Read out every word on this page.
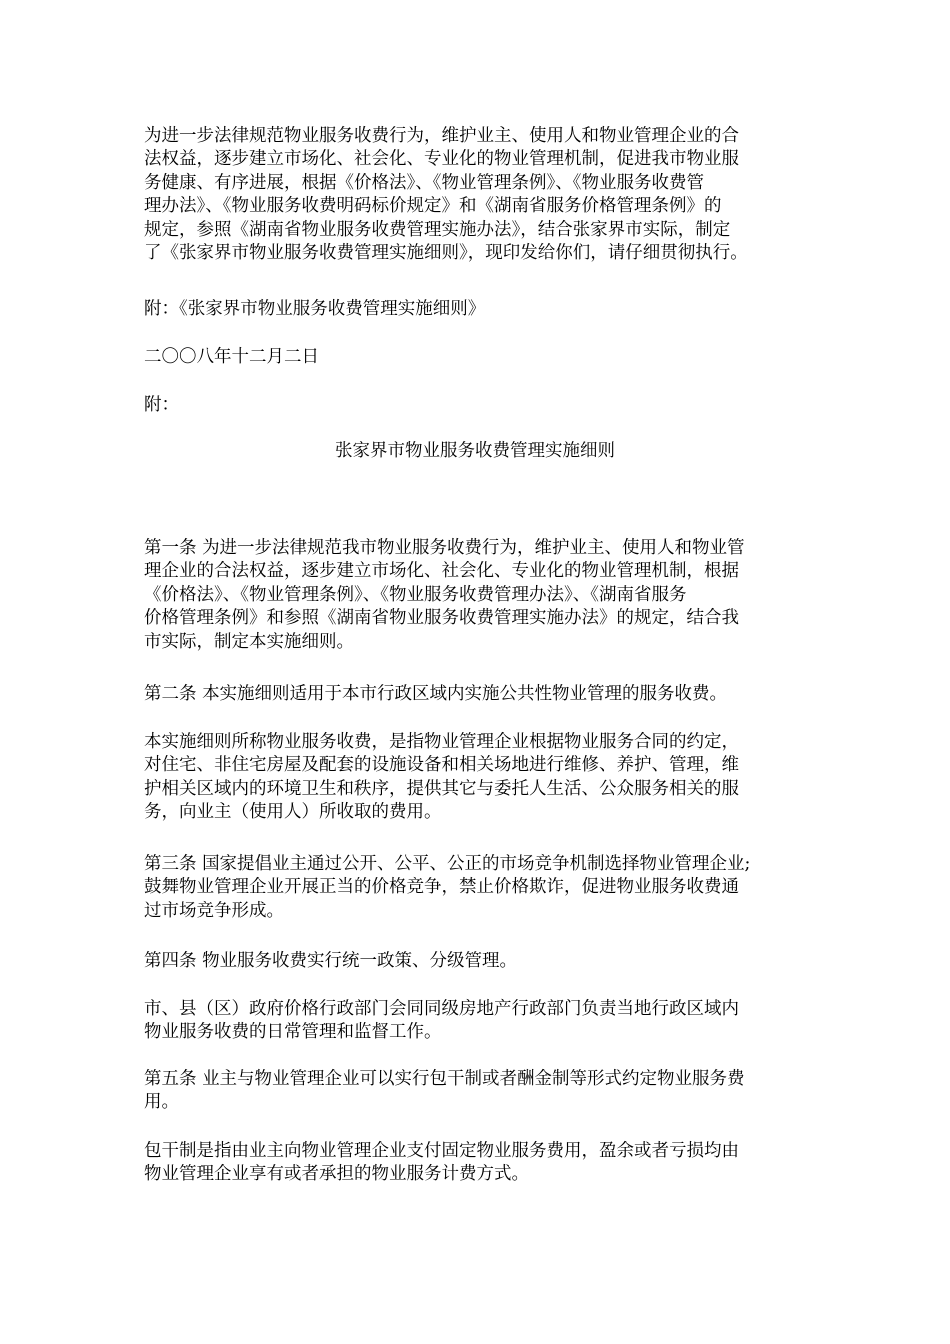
为进一步法律规范物业服务收费行为，维护业主、使用人和物业管理企业的合
法权益，逐步建立市场化、社会化、专业化的物业管理机制，促进我市物业服
务健康、有序进展，根据《价格法》、《物业管理条例》、《物业服务收费管
理办法》、《物业服务收费明码标价规定》和《湖南省服务价格管理条例》的
规定，参照《湖南省物业服务收费管理实施办法》，结合张家界市实际，制定
了《张家界市物业服务收费管理实施细则》，现印发给你们，请仔细贯彻执行。
附：《张家界市物业服务收费管理实施细则》
二〇〇八年十二月二日
附：
张家界市物业服务收费管理实施细则
第一条 为进一步法律规范我市物业服务收费行为，维护业主、使用人和物业管
理企业的合法权益，逐步建立市场化、社会化、专业化的物业管理机制，根据
《价格法》、《物业管理条例》、《物业服务收费管理办法》、《湖南省服务
价格管理条例》和参照《湖南省物业服务收费管理实施办法》的规定，结合我
市实际，制定本实施细则。
第二条 本实施细则适用于本市行政区域内实施公共性物业管理的服务收费。
本实施细则所称物业服务收费，是指物业管理企业根据物业服务合同的约定，
对住宅、非住宅房屋及配套的设施设备和相关场地进行维修、养护、管理，维
护相关区域内的环境卫生和秩序，提供其它与委托人生活、公众服务相关的服
务，向业主（使用人）所收取的费用。
第三条 国家提倡业主通过公开、公平、公正的市场竞争机制选择物业管理企业;
鼓舞物业管理企业开展正当的价格竞争，禁止价格欺诈，促进物业服务收费通
过市场竞争形成。
第四条 物业服务收费实行统一政策、分级管理。
市、县（区）政府价格行政部门会同同级房地产行政部门负责当地行政区域内
物业服务收费的日常管理和监督工作。
第五条 业主与物业管理企业可以实行包干制或者酬金制等形式约定物业服务费
用。
包干制是指由业主向物业管理企业支付固定物业服务费用，盈余或者亏损均由
物业管理企业享有或者承担的物业服务计费方式。
